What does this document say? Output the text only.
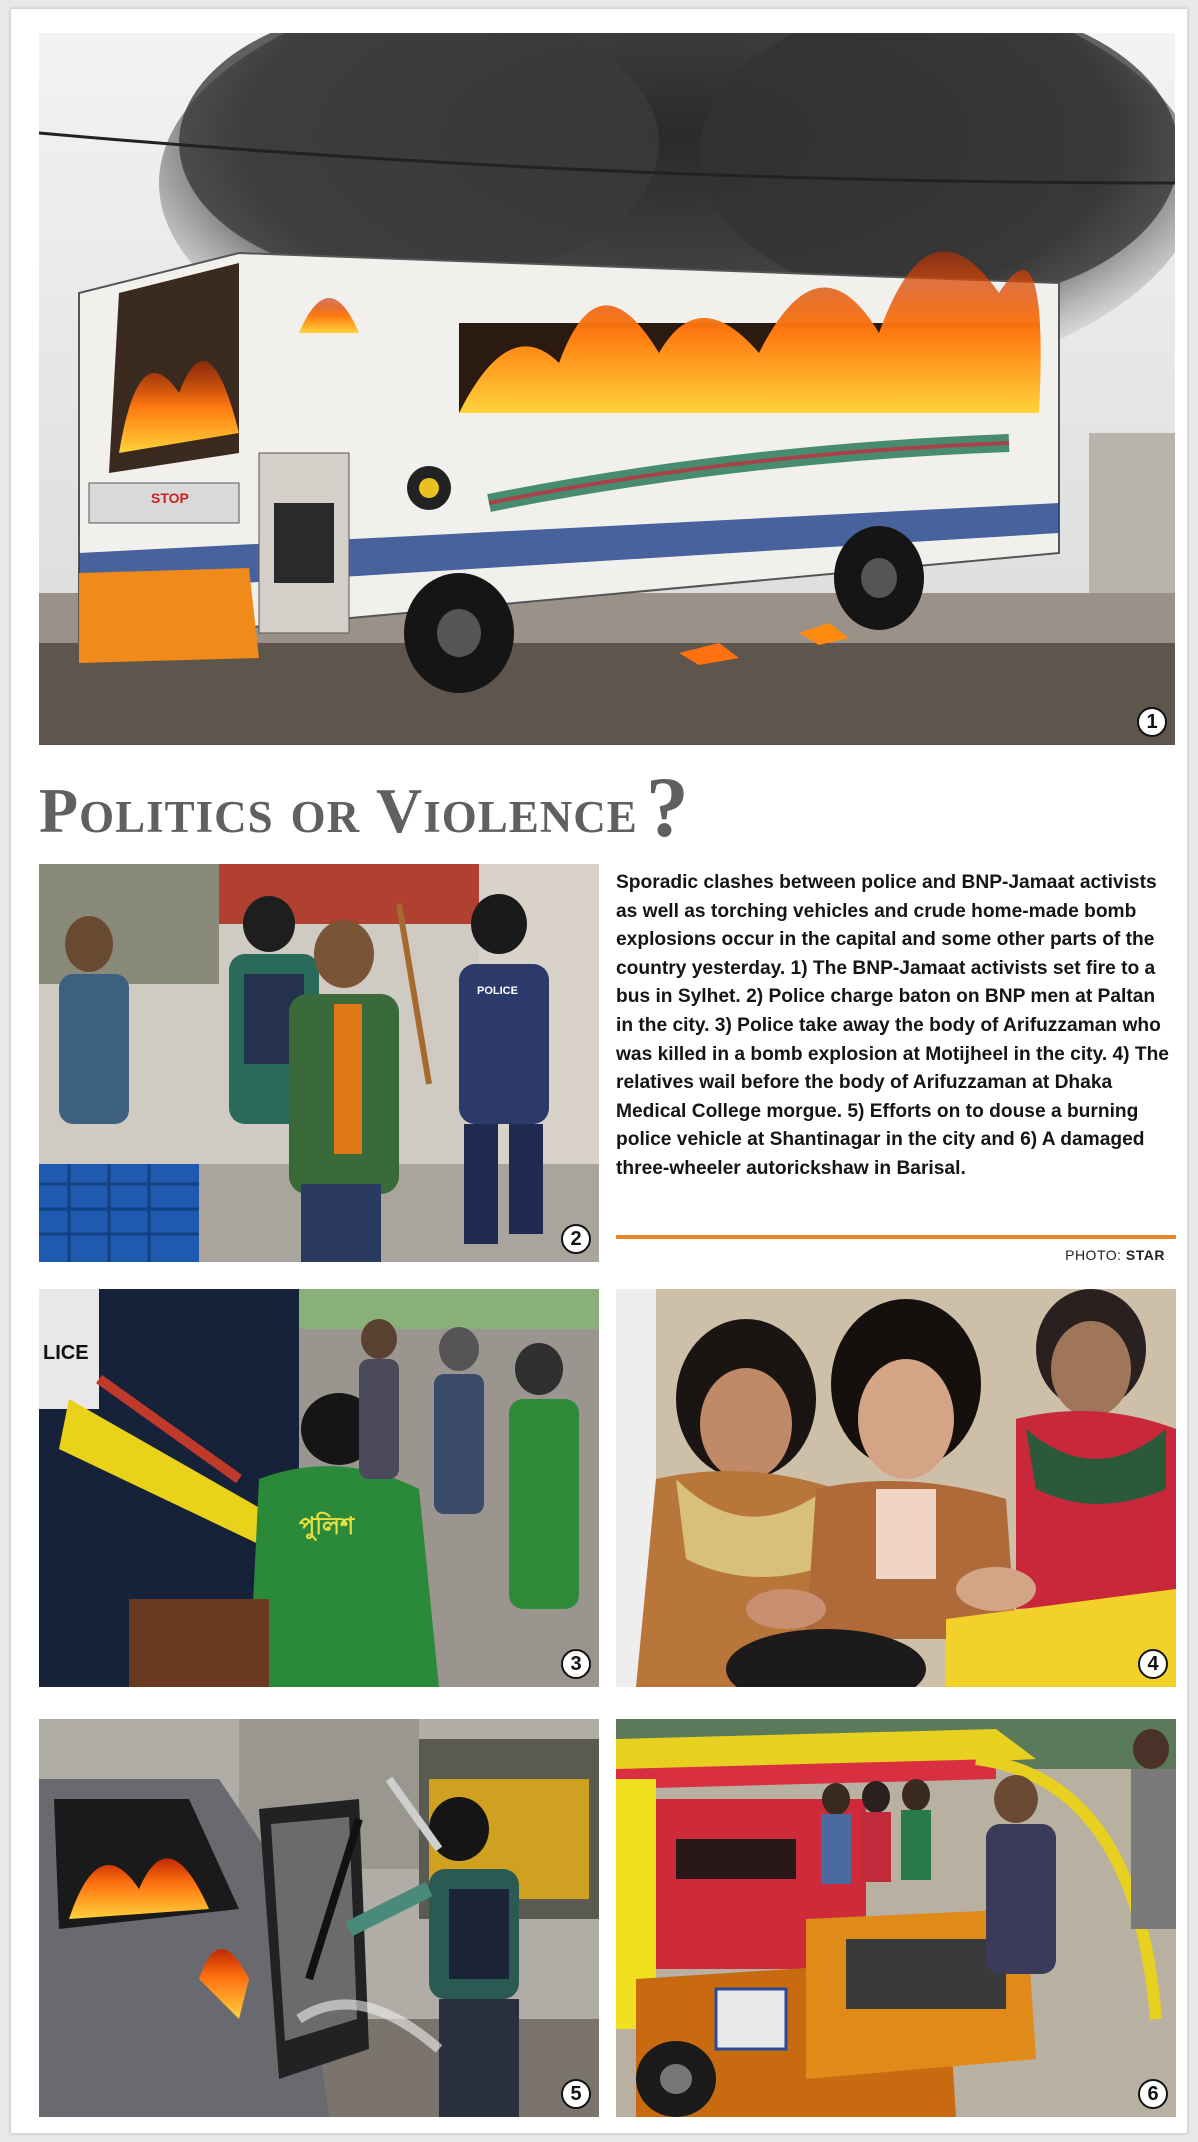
STOP
1
Politics or Violence?
POLICE
2

Sporadic clashes between police and BNP-Jamaat activists as well as torching vehicles and crude home-made bomb explosions occur in the capital and some other parts of the country yesterday. 1) The BNP-Jamaat activists set fire to a bus in Sylhet. 2) Police charge baton on BNP men at Paltan in the city. 3) Police take away the body of Arifuzzaman who was killed in a bomb explosion at Motijheel in the city. 4) The relatives wail before the body of Arifuzzaman at Dhaka Medical College morgue. 5) Efforts on to douse a burning police vehicle at Shantinagar in the city and 6) A damaged three-wheeler autorickshaw in Barisal.

PHOTO: STAR
LICE
পুলিশ
3	4
5	6
